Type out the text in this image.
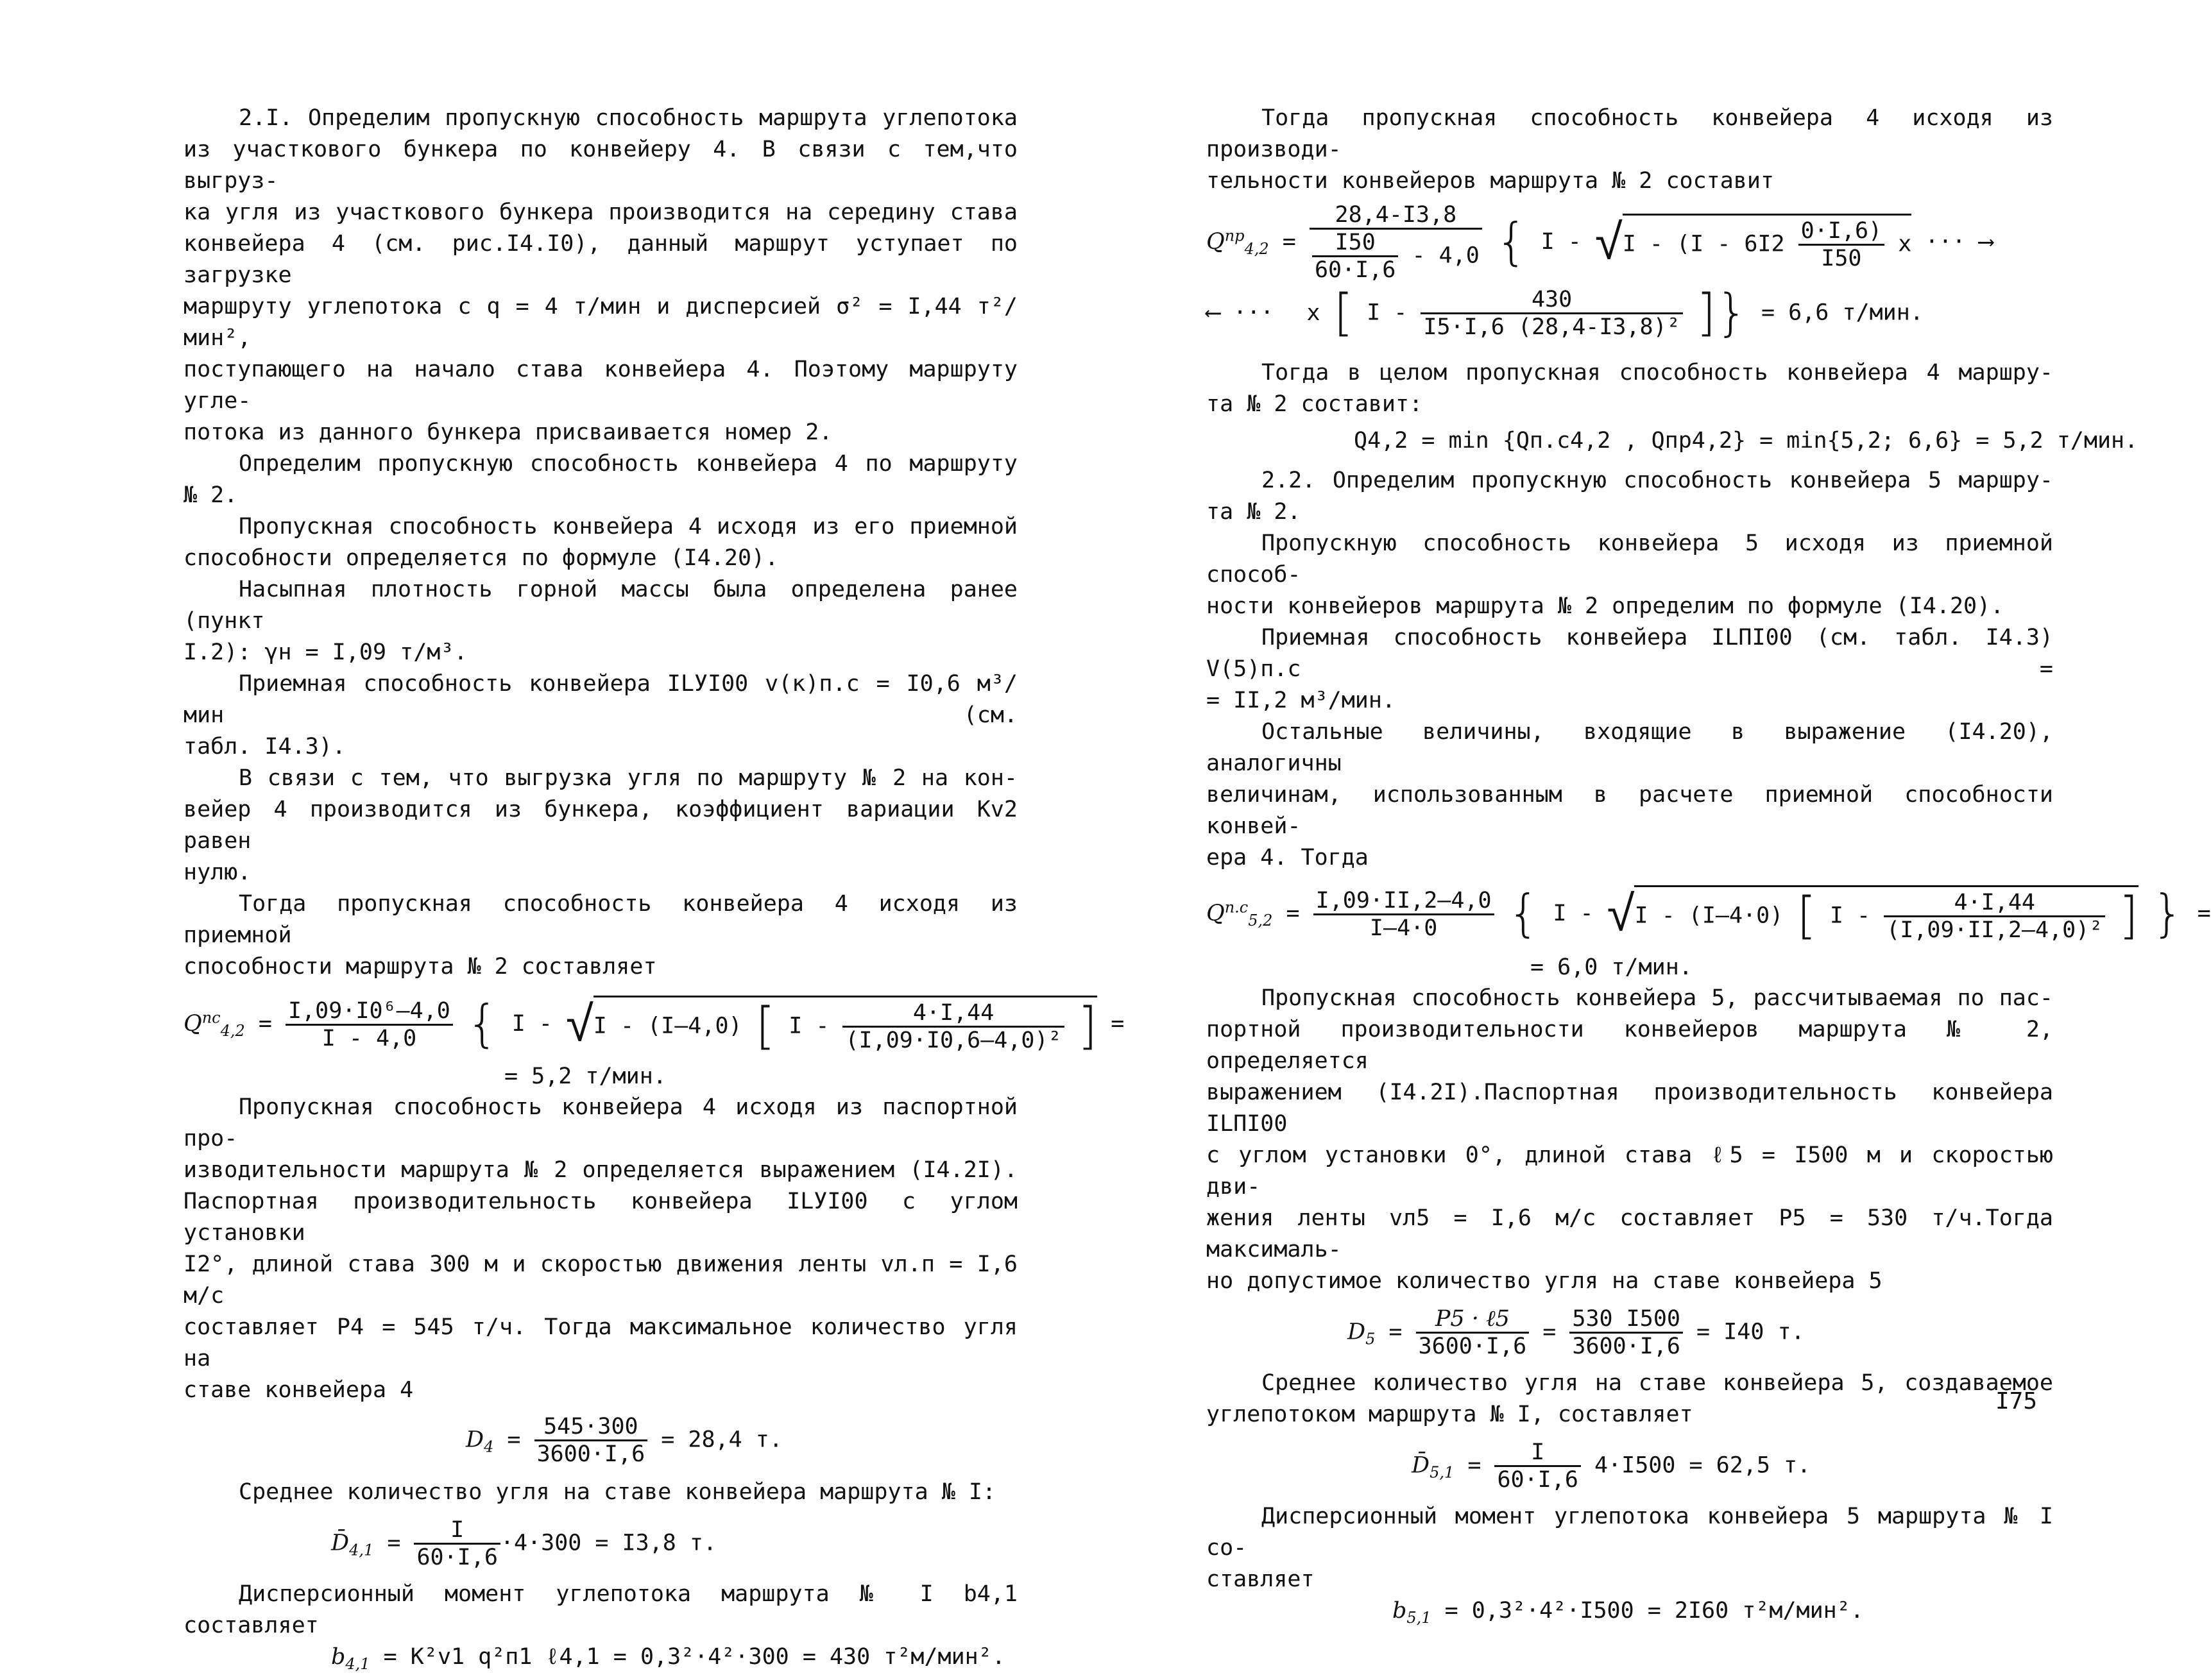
2.I. Определим пропускную способность маршрута углепотока
из участкового бункера по конвейеру 4. В связи с тем,что выгруз-
ка угля из участкового бункера производится на середину става
конвейера 4 (см. рис.I4.I0), данный маршрут уступает по загрузке
маршруту углепотока с q = 4 т/мин и дисперсией σ² = I,44 т²/мин²,
поступающего на начало става конвейера 4. Поэтому маршруту угле-
потока из данного бункера присваивается номер 2.

Определим пропускную способность конвейера 4 по маршруту № 2.

Пропускная способность конвейера 4 исходя из его приемной
способности определяется по формуле (I4.20).

Насыпная плотность горной массы была определена ранее (пункт
I.2): γн = I,09 т/м³.

Приемная способность конвейера ILУI00 v(к)п.с = I0,6 м³/мин (см.
табл. I4.3).

В связи с тем, что выгрузка угля по маршруту № 2 на кон-
вейер 4 производится из бункера, коэффициент вариации Kv2 равен
нулю.

Тогда пропускная способность конвейера 4 исходя из приемной
способности маршрута № 2 составляет

$Q^{пс}_{4,2} = \frac{\text{I,09·I0⁶–4,0}}{I - 4,0}$ { I - √I - (I–4,0) [ I - $\frac{4\cdot I,44}{\text{(I,09·I0,6–4,0)²}}$ ] =
= 5,2 т/мин.

Пропускная способность конвейера 4 исходя из паспортной про-
изводительности маршрута № 2 определяется выражением (I4.2I).
Паспортная производительность конвейера ILУI00 с углом установки
I2°, длиной става 300 м и скоростью движения ленты vл.п = I,6 м/с
составляет P4 = 545 т/ч. Тогда максимальное количество угля на
ставе конвейера 4

$D_4 = \frac{545\cdot 300}{3600\cdot I,6} = 28,4$ т.

Среднее количество угля на ставе конвейера маршрута № I:

$D̄_{4,1} = \frac{I}{60\cdot I,6} \cdot 4\cdot 300 = I3,8$ т.

Дисперсионный момент углепотока маршрута № I b4,1 составляет

$b_{4,1} = K^2v1$ q²п1 ℓ4,1 = 0,3²·4²·300 = 430 т²м/мин².

Тогда пропускная способность конвейера 4 исходя из производи-
тельности конвейеров маршрута № 2 составит

$Q^{пр}_{4,2} = \frac{28,4-I3,8}{\frac{I50}{60\cdot I,6} - 4,0}$ { I - $√I - (I - 6I2 \frac{0\cdot I,6)}{I50}$ x ··· ⟶
⟵ ··· x [ I - $\frac{430}{\text{I5·I,6 (28,4-I3,8)²}}$ ]} = 6,6 т/мин.

Тогда в целом пропускная способность конвейера 4 маршру-
та № 2 составит:

Q4,2 = min {Qп.с4,2 , Qпр4,2} = min{5,2; 6,6} = 5,2 т/мин.

2.2. Определим пропускную способность конвейера 5 маршру-
та № 2.

Пропускную способность конвейера 5 исходя из приемной способ-
ности конвейеров маршрута № 2 определим по формуле (I4.20).

Приемная способность конвейера ILПI00 (см. табл. I4.3) V(5)п.с =
= II,2 м³/мин.

Остальные величины, входящие в выражение (I4.20), аналогичны
величинам, использованным в расчете приемной способности конвей-
ера 4. Тогда

$Q^{п.с}_{5,2} = \frac{I,09\cdot II,2-4,0}{I-4\cdot 0}$ { I - √I - (I–4·0) [ I - $\frac{4\cdot I,44}{\text{(I,09·II,2–4,0)²}}$ ] } =
= 6,0 т/мин.

Пропускная способность конвейера 5, рассчитываемая по пас-
портной производительности конвейеров маршрута № 2, определяется
выражением (I4.2I).Паспортная производительность конвейера ILПI00
с углом установки 0°, длиной става ℓ5 = I500 м и скоростью дви-
жения ленты vл5 = I,6 м/с составляет P5 = 530 т/ч.Тогда максималь-
но допустимое количество угля на ставе конвейера 5

$D_5 = \frac{\text{P5 · ℓ5}}{3600\cdot I,6} = \frac{530 I500}{3600\cdot I,6} = I40$ т.

Среднее количество угля на ставе конвейера 5, создаваемое
углепотоком маршрута № I, составляет

$D̄_{5,1} = \frac{I}{60\cdot I,6} 4\cdot I500 = 62,5$ т.

Дисперсионный момент углепотока конвейера 5 маршрута № I со-
ставляет

$b_{5,1} = 0,3^2\cdot 4^2\cdot I500 = 2I60$ т²м/мин².
I75
